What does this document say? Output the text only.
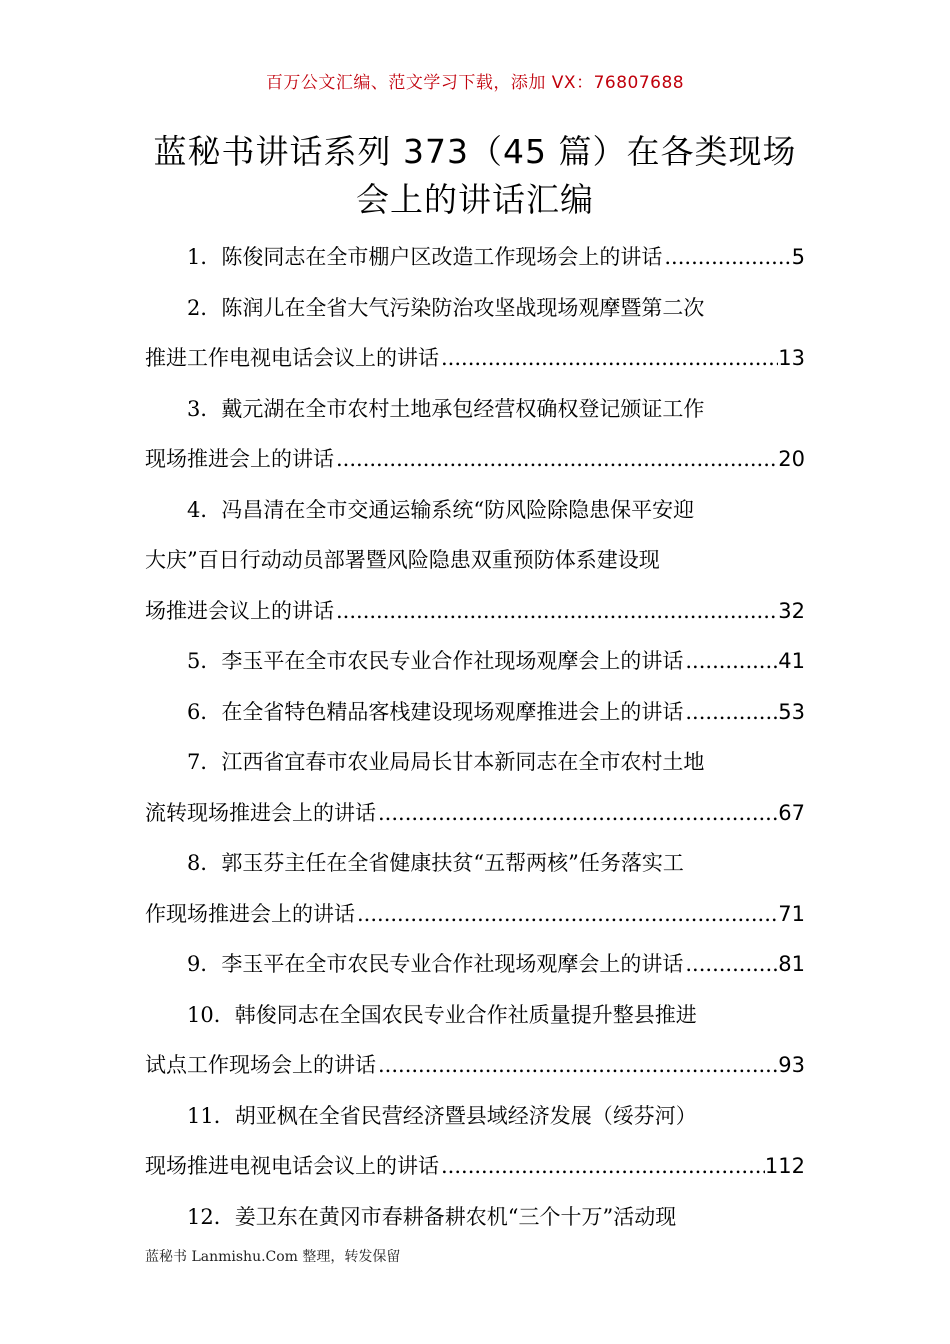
百万公文汇编、范文学习下载，添加 VX：76807688
蓝秘书讲话系列 373（45 篇）在各类现场
会上的讲话汇编
1．陈俊同志在全市棚户区改造工作现场会上的讲话 .....	5
2．陈润儿在全省大气污染防治攻坚战现场观摩暨第二次
推进工作电视电话会议上的讲话 .....	13
3．戴元湖在全市农村土地承包经营权确权登记颁证工作
现场推进会上的讲话 .....	20
4．冯昌清在全市交通运输系统“防风险除隐患保平安迎
大庆”百日行动动员部署暨风险隐患双重预防体系建设现
场推进会议上的讲话 .....	32
5．李玉平在全市农民专业合作社现场观摩会上的讲话 .....	41
6．在全省特色精品客栈建设现场观摩推进会上的讲话 .....	53
7．江西省宜春市农业局局长甘本新同志在全市农村土地
流转现场推进会上的讲话 .....	67
8．郭玉芬主任在全省健康扶贫“五帮两核”任务落实工
作现场推进会上的讲话 .....	71
9．李玉平在全市农民专业合作社现场观摩会上的讲话 .....	81
10．韩俊同志在全国农民专业合作社质量提升整县推进
试点工作现场会上的讲话 .....	93
11．胡亚枫在全省民营经济暨县域经济发展（绥芬河）
现场推进电视电话会议上的讲话 .....	112
12．姜卫东在黄冈市春耕备耕农机“三个十万”活动现
蓝秘书 Lanmishu.Com 整理，转发保留
